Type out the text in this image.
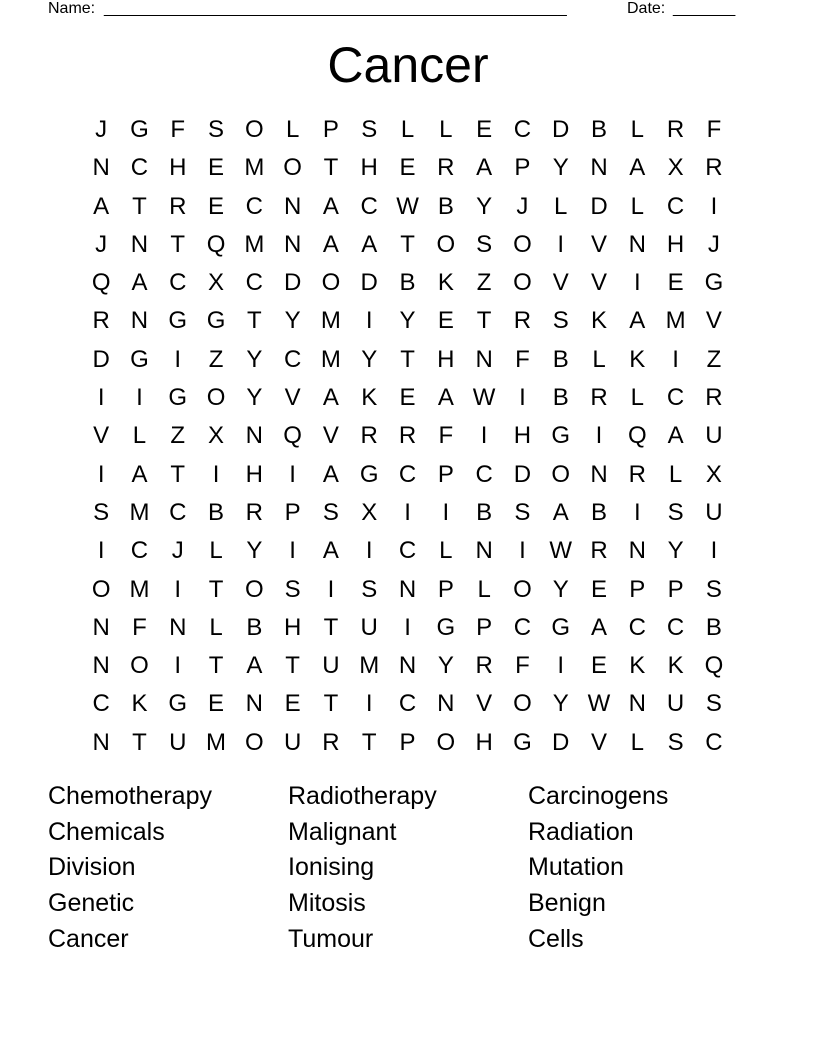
Name: ____________________________________________________	Date: _______
Cancer
J G F S O L P S L	L E C D B L R F
N C H E M O T H E R A P Y N A X R
A T R E C N A C W B Y	J	L D L C	I
J N T Q M N A A T O S O	I	V N H J
Q A C X C D O D B K Z O V V	I	E G
R N G G T Y M	I	Y E T R S K A M V
D G	I	Z Y C M Y T H N F B L K	I	Z
I	I	G O Y V A K E A W I	B R L C R
V L	Z X N Q V R R F	I	H G	I	Q A U
I	A T	I	H	I	A G C P C D O N R L X
S M C B R P S X	I	I	B S A B	I	S U
I	C J	L Y	I	A	I	C L N	I W R N Y	I
O M	I	T O S	I	S N P L O Y E P P S
N F N L B H T U	I	G P C G A C C B
N O	I	T A T U M N Y R F	I	E K K Q
C K G E N E T	I	C N V O Y W N U S
N T U M O U R T P O H G D V L S C
Chemotherapy	Radiotherapy	Carcinogens
Chemicals	Malignant	Radiation
Division	Ionising	Mutation
Genetic	Mitosis	Benign
Cancer	Tumour	Cells
